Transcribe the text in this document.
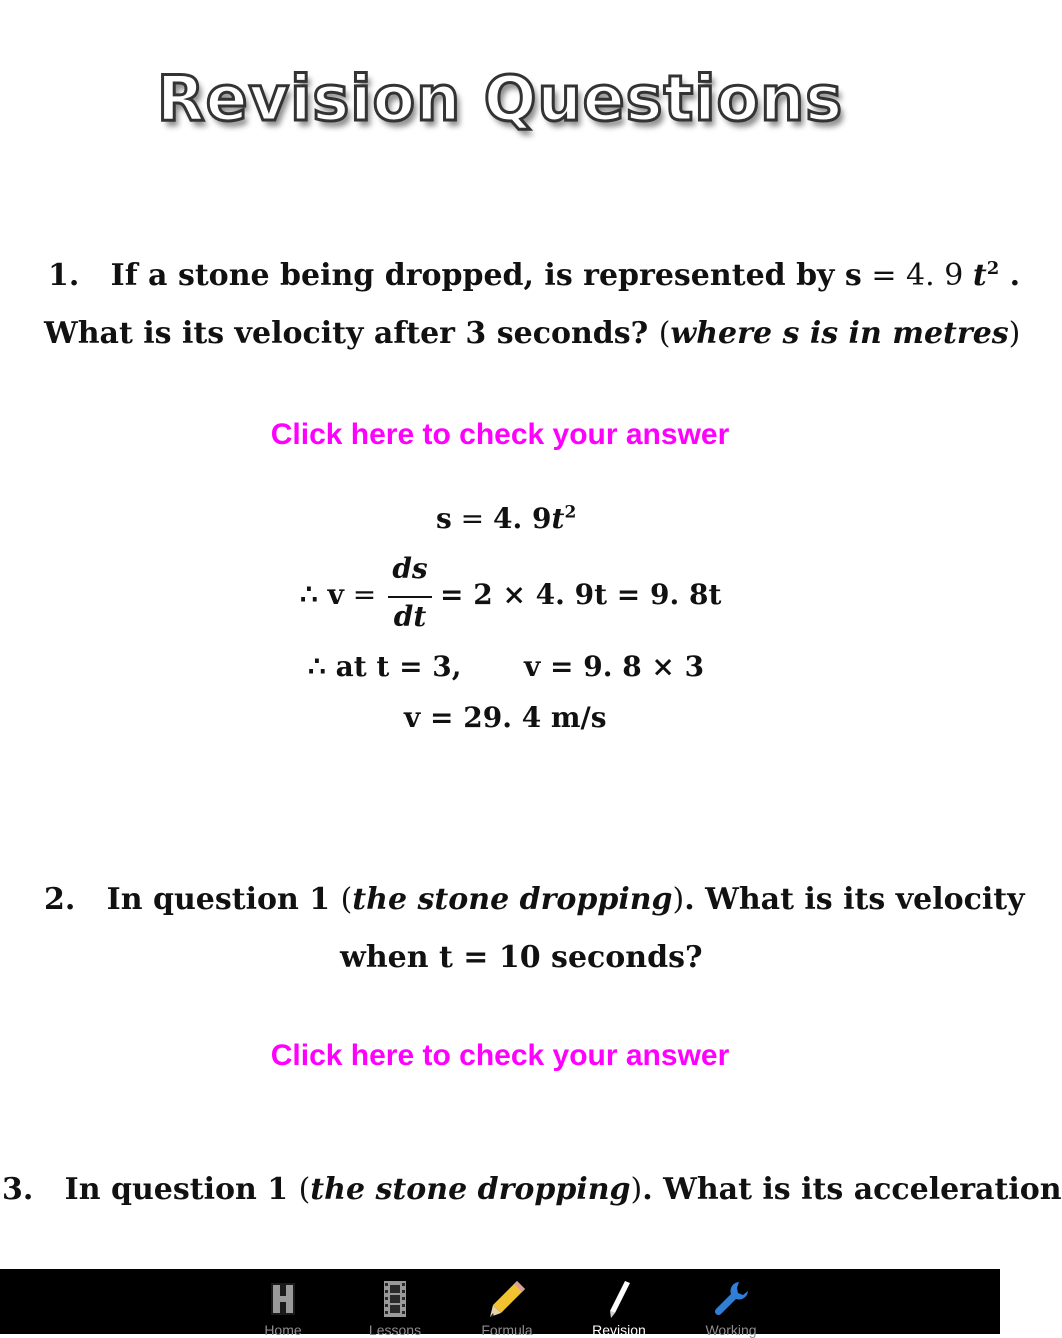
Revision Questions
1. If a stone being dropped, is represented by s = 4. 9 $t^2$ .
What is its velocity after 3 seconds? (where s is in metres)
Click here to check your answer
s = 4. $9t^2$
∴ v =
ds
dt
= 2 × 4. 9t = 9. 8t
∴ at t = 3, v = 9. 8 × 3
v = 29. 4 m/s
2. In question 1 (the stone dropping). What is its velocity
when t = 10 seconds?
Click here to check your answer
3. In question 1 (the stone dropping). What is its acceleration
Home	Lessons	Formula	Revision	Working
